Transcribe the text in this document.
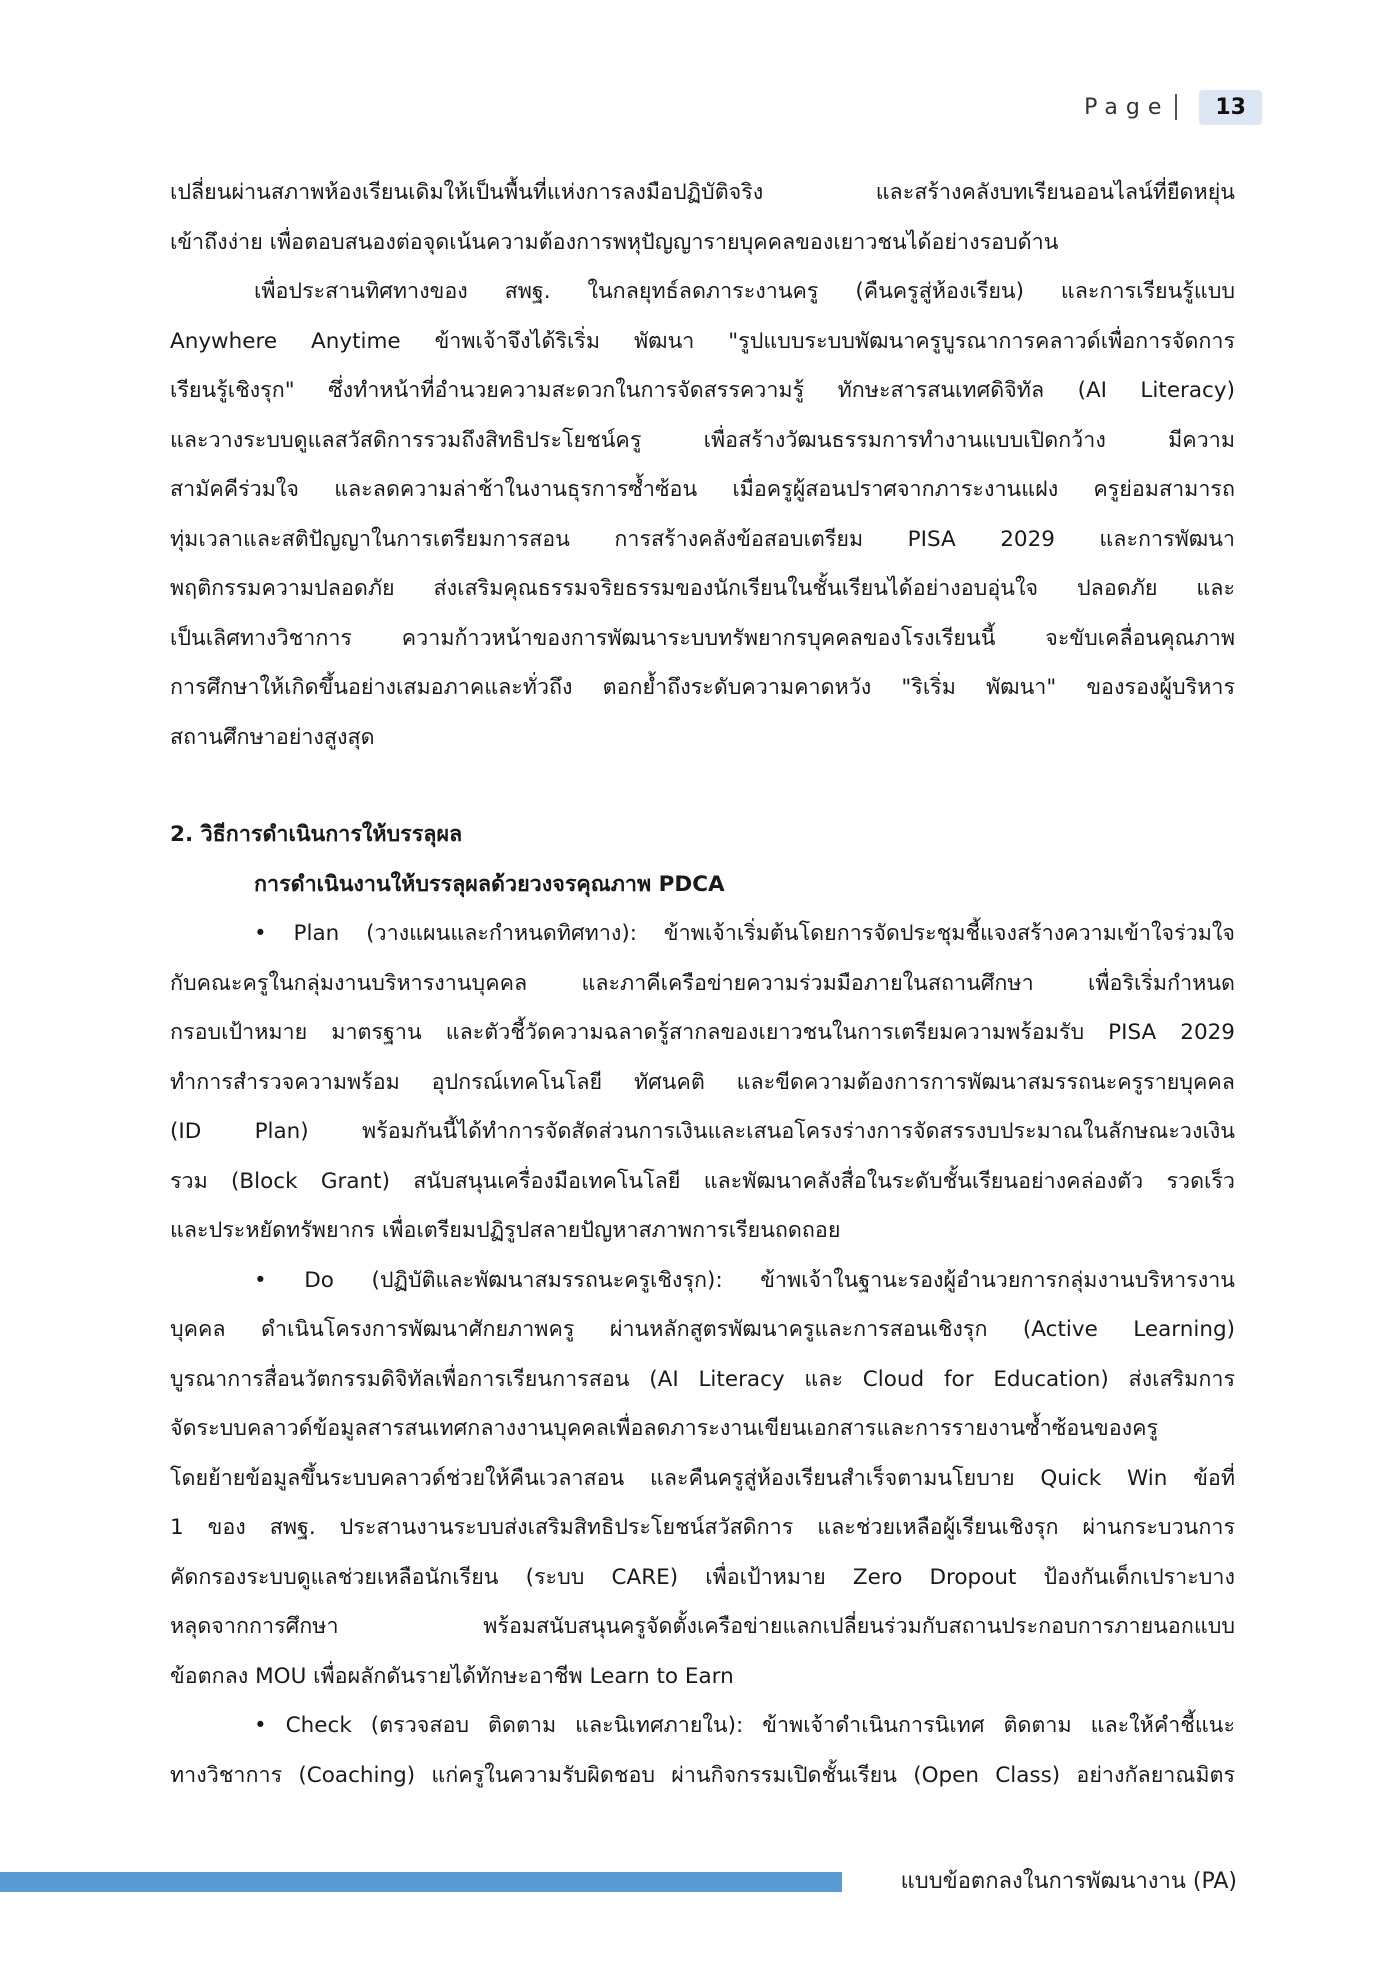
Page	13
เปลี่ยนผ่านสภาพห้องเรียนเดิมให้เป็นพื้นที่แห่งการลงมือปฏิบัติจริง และสร้างคลังบทเรียนออนไลน์ที่ยืดหยุ่น
เข้าถึงง่าย เพื่อตอบสนองต่อจุดเน้นความต้องการพหุปัญญารายบุคคลของเยาวชนได้อย่างรอบด้าน
เพื่อประสานทิศทางของ สพฐ. ในกลยุทธ์ลดภาระงานครู (คืนครูสู่ห้องเรียน) และการเรียนรู้แบบ
Anywhere Anytime ข้าพเจ้าจึงได้ริเริ่ม พัฒนา "รูปแบบระบบพัฒนาครูบูรณาการคลาวด์เพื่อการจัดการ
เรียนรู้เชิงรุก" ซึ่งทำหน้าที่อำนวยความสะดวกในการจัดสรรความรู้ ทักษะสารสนเทศดิจิทัล (AI Literacy)
และวางระบบดูแลสวัสดิการรวมถึงสิทธิประโยชน์ครู เพื่อสร้างวัฒนธรรมการทำงานแบบเปิดกว้าง มีความ
สามัคคีร่วมใจ และลดความล่าช้าในงานธุรการซ้ำซ้อน เมื่อครูผู้สอนปราศจากภาระงานแฝง ครูย่อมสามารถ
ทุ่มเวลาและสติปัญญาในการเตรียมการสอน การสร้างคลังข้อสอบเตรียม PISA 2029 และการพัฒนา
พฤติกรรมความปลอดภัย ส่งเสริมคุณธรรมจริยธรรมของนักเรียนในชั้นเรียนได้อย่างอบอุ่นใจ ปลอดภัย และ
เป็นเลิศทางวิชาการ ความก้าวหน้าของการพัฒนาระบบทรัพยากรบุคคลของโรงเรียนนี้ จะขับเคลื่อนคุณภาพ
การศึกษาให้เกิดขึ้นอย่างเสมอภาคและทั่วถึง ตอกย้ำถึงระดับความคาดหวัง "ริเริ่ม พัฒนา" ของรองผู้บริหาร
สถานศึกษาอย่างสูงสุด
2. วิธีการดำเนินการให้บรรลุผล
การดำเนินงานให้บรรลุผลด้วยวงจรคุณภาพ PDCA
• Plan (วางแผนและกำหนดทิศทาง): ข้าพเจ้าเริ่มต้นโดยการจัดประชุมชี้แจงสร้างความเข้าใจร่วมใจ
กับคณะครูในกลุ่มงานบริหารงานบุคคล และภาคีเครือข่ายความร่วมมือภายในสถานศึกษา เพื่อริเริ่มกำหนด
กรอบเป้าหมาย มาตรฐาน และตัวชี้วัดความฉลาดรู้สากลของเยาวชนในการเตรียมความพร้อมรับ PISA 2029
ทำการสำรวจความพร้อม อุปกรณ์เทคโนโลยี ทัศนคติ และขีดความต้องการการพัฒนาสมรรถนะครูรายบุคคล
(ID Plan) พร้อมกันนี้ได้ทำการจัดสัดส่วนการเงินและเสนอโครงร่างการจัดสรรงบประมาณในลักษณะวงเงิน
รวม (Block Grant) สนับสนุนเครื่องมือเทคโนโลยี และพัฒนาคลังสื่อในระดับชั้นเรียนอย่างคล่องตัว รวดเร็ว
และประหยัดทรัพยากร เพื่อเตรียมปฏิรูปสลายปัญหาสภาพการเรียนถดถอย
• Do (ปฏิบัติและพัฒนาสมรรถนะครูเชิงรุก): ข้าพเจ้าในฐานะรองผู้อำนวยการกลุ่มงานบริหารงาน
บุคคล ดำเนินโครงการพัฒนาศักยภาพครู ผ่านหลักสูตรพัฒนาครูและการสอนเชิงรุก (Active Learning)
บูรณาการสื่อนวัตกรรมดิจิทัลเพื่อการเรียนการสอน (AI Literacy และ Cloud for Education) ส่งเสริมการ
จัดระบบคลาวด์ข้อมูลสารสนเทศกลางงานบุคคลเพื่อลดภาระงานเขียนเอกสารและการรายงานซ้ำซ้อนของครู
โดยย้ายข้อมูลขึ้นระบบคลาวด์ช่วยให้คืนเวลาสอน และคืนครูสู่ห้องเรียนสำเร็จตามนโยบาย Quick Win ข้อที่
1 ของ สพฐ. ประสานงานระบบส่งเสริมสิทธิประโยชน์สวัสดิการ และช่วยเหลือผู้เรียนเชิงรุก ผ่านกระบวนการ
คัดกรองระบบดูแลช่วยเหลือนักเรียน (ระบบ CARE) เพื่อเป้าหมาย Zero Dropout ป้องกันเด็กเปราะบาง
หลุดจากการศึกษา พร้อมสนับสนุนครูจัดตั้งเครือข่ายแลกเปลี่ยนร่วมกับสถานประกอบการภายนอกแบบ
ข้อตกลง MOU เพื่อผลักดันรายได้ทักษะอาชีพ Learn to Earn
• Check (ตรวจสอบ ติดตาม และนิเทศภายใน): ข้าพเจ้าดำเนินการนิเทศ ติดตาม และให้คำชี้แนะ
ทางวิชาการ (Coaching) แก่ครูในความรับผิดชอบ ผ่านกิจกรรมเปิดชั้นเรียน (Open Class) อย่างกัลยาณมิตร
แบบข้อตกลงในการพัฒนางาน (PA)
